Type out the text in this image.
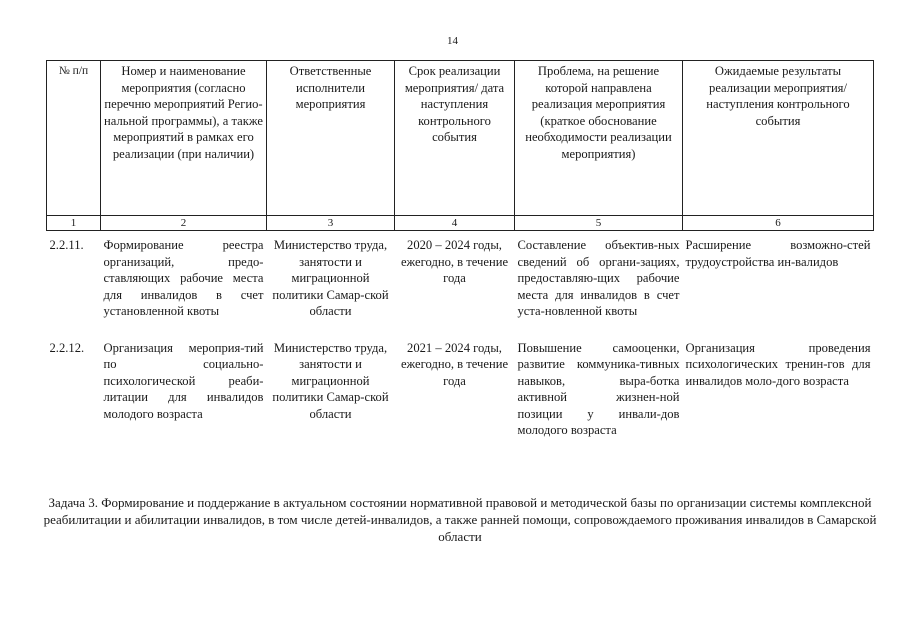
14
№ п/п	Номер и наименование мероприятия (согласно перечню мероприятий Регио-нальной программы), а также мероприятий в рамках его реализации (при наличии)	Ответственные исполнители мероприятия	Срок реализации мероприятия/ дата наступления контрольного события	Проблема, на решение которой направлена реализация мероприятия (краткое обоснование необходимости реализации мероприятия)	Ожидаемые результаты реализации мероприятия/ наступления контрольного события
1	2	3	4	5	6
2.2.11.	Формирование реестра организаций, предо-ставляющих рабочие места для инвалидов в счет установленной квоты	Министерство труда, занятости и миграционной политики Самар-ской области	2020 – 2024 годы, ежегодно, в течение года	Составление объектив-ных сведений об органи-зациях, предоставляю-щих рабочие места для инвалидов в счет уста-новленной квоты	Расширение возможно-стей трудоустройства ин-валидов
2.2.12.	Организация мероприя-тий по социально-психологической реаби-литации для инвалидов молодого возраста	Министерство труда, занятости и миграционной политики Самар-ской области	2021 – 2024 годы, ежегодно, в течение года	Повышение самооценки, развитие коммуника-тивных навыков, выра-ботка активной жизнен-ной позиции у инвали-дов молодого возраста	Организация проведения психологических тренин-гов для инвалидов моло-дого возраста
Задача 3. Формирование и поддержание в актуальном состоянии нормативной правовой и методической базы по организации системы комплексной реабилитации и абилитации инвалидов, в том числе детей-инвалидов, а также ранней помощи, сопровождаемого проживания инвалидов в Самарской области
